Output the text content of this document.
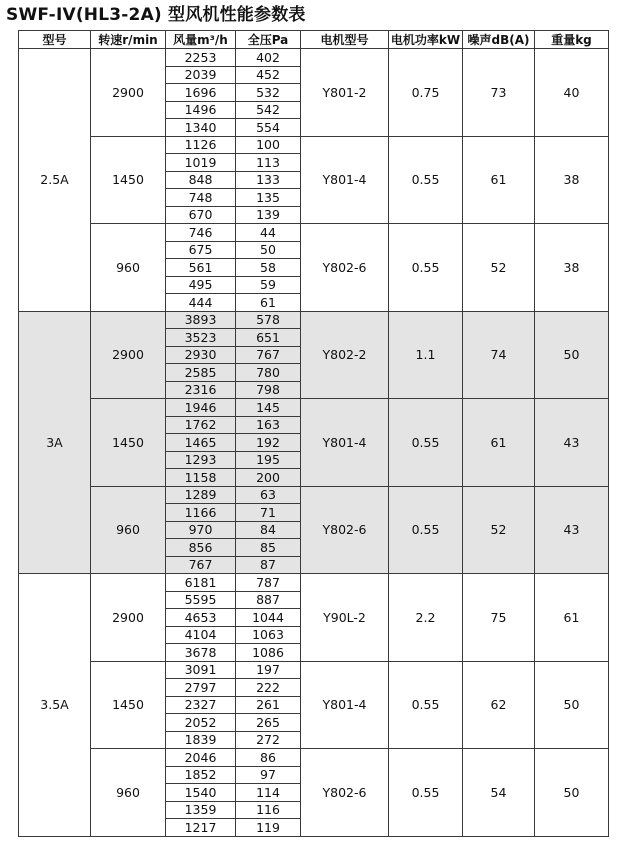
SWF-IV(HL3-2A) 型风机性能参数表
型号	转速r/min	风量m³/h	全压Pa	电机型号	电机功率kW	噪声dB(A)	重量kg
2.5A	2900	2253	402	Y801-2	0.75	73	40
		2039	452				
		1696	532				
		1496	542				
		1340	554				
	1450	1126	100	Y801-4	0.55	61	38
		1019	113				
		848	133				
		748	135				
		670	139				
	960	746	44	Y802-6	0.55	52	38
		675	50				
		561	58				
		495	59				
		444	61				
3A	2900	3893	578	Y802-2	1.1	74	50
		3523	651				
		2930	767				
		2585	780				
		2316	798				
	1450	1946	145	Y801-4	0.55	61	43
		1762	163				
		1465	192				
		1293	195				
		1158	200				
	960	1289	63	Y802-6	0.55	52	43
		1166	71				
		970	84				
		856	85				
		767	87				
3.5A	2900	6181	787	Y90L-2	2.2	75	61
		5595	887				
		4653	1044				
		4104	1063				
		3678	1086				
	1450	3091	197	Y801-4	0.55	62	50
		2797	222				
		2327	261				
		2052	265				
		1839	272				
	960	2046	86	Y802-6	0.55	54	50
		1852	97				
		1540	114				
		1359	116				
		1217	119				
